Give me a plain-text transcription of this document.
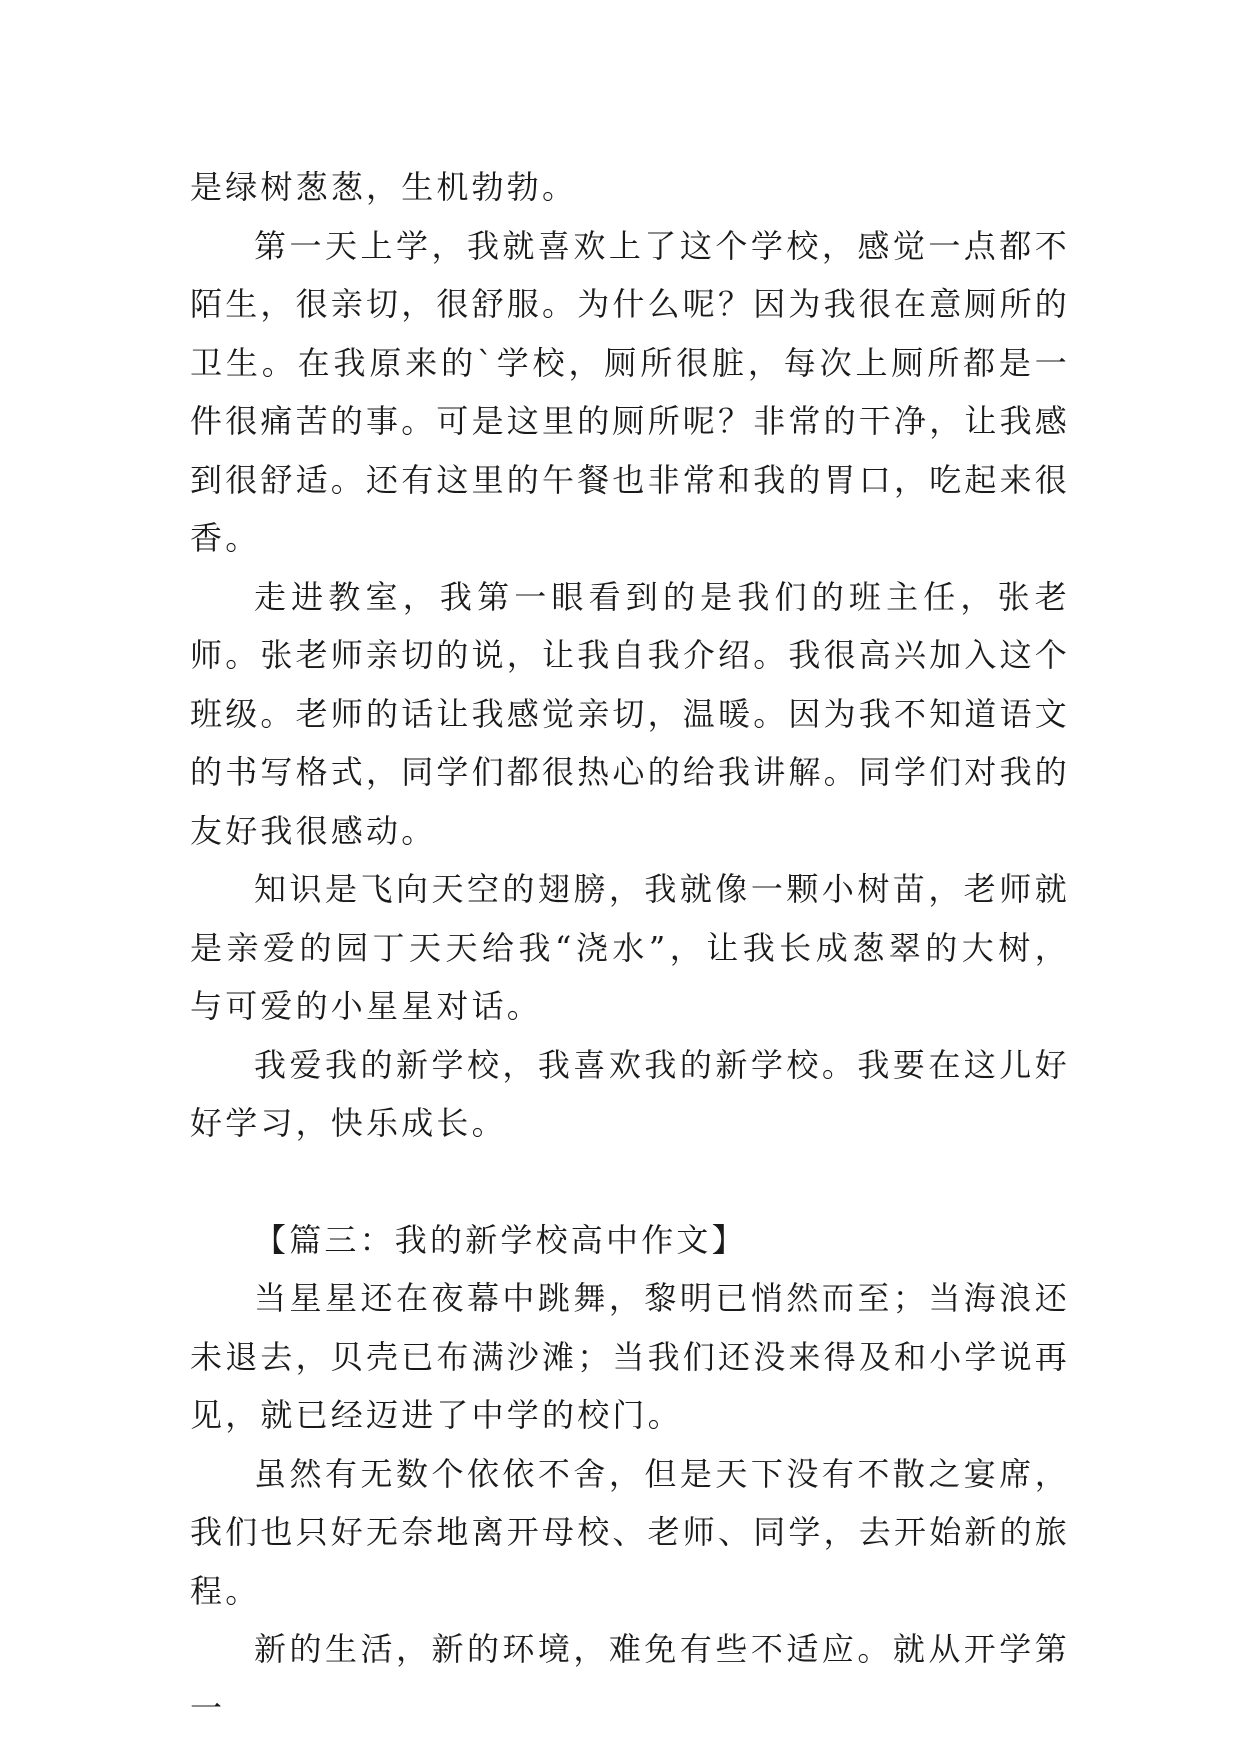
是绿树葱葱，生机勃勃。

第一天上学，我就喜欢上了这个学校，感觉一点都不陌生，很亲切，很舒服。为什么呢？因为我很在意厕所的卫生。在我原来的`学校，厕所很脏，每次上厕所都是一件很痛苦的事。可是这里的厕所呢？非常的干净，让我感到很舒适。还有这里的午餐也非常和我的胃口，吃起来很香。

走进教室，我第一眼看到的是我们的班主任，张老师。张老师亲切的说，让我自我介绍。我很高兴加入这个班级。老师的话让我感觉亲切，温暖。因为我不知道语文的书写格式，同学们都很热心的给我讲解。同学们对我的友好我很感动。

知识是飞向天空的翅膀，我就像一颗小树苗，老师就是亲爱的园丁天天给我“浇水”，让我长成葱翠的大树，与可爱的小星星对话。

我爱我的新学校，我喜欢我的新学校。我要在这儿好好学习，快乐成长。

【篇三：我的新学校高中作文】

当星星还在夜幕中跳舞，黎明已悄然而至；当海浪还未退去，贝壳已布满沙滩；当我们还没来得及和小学说再见，就已经迈进了中学的校门。

虽然有无数个依依不舍，但是天下没有不散之宴席，我们也只好无奈地离开母校、老师、同学，去开始新的旅程。

新的生活，新的环境，难免有些不适应。就从开学第一
